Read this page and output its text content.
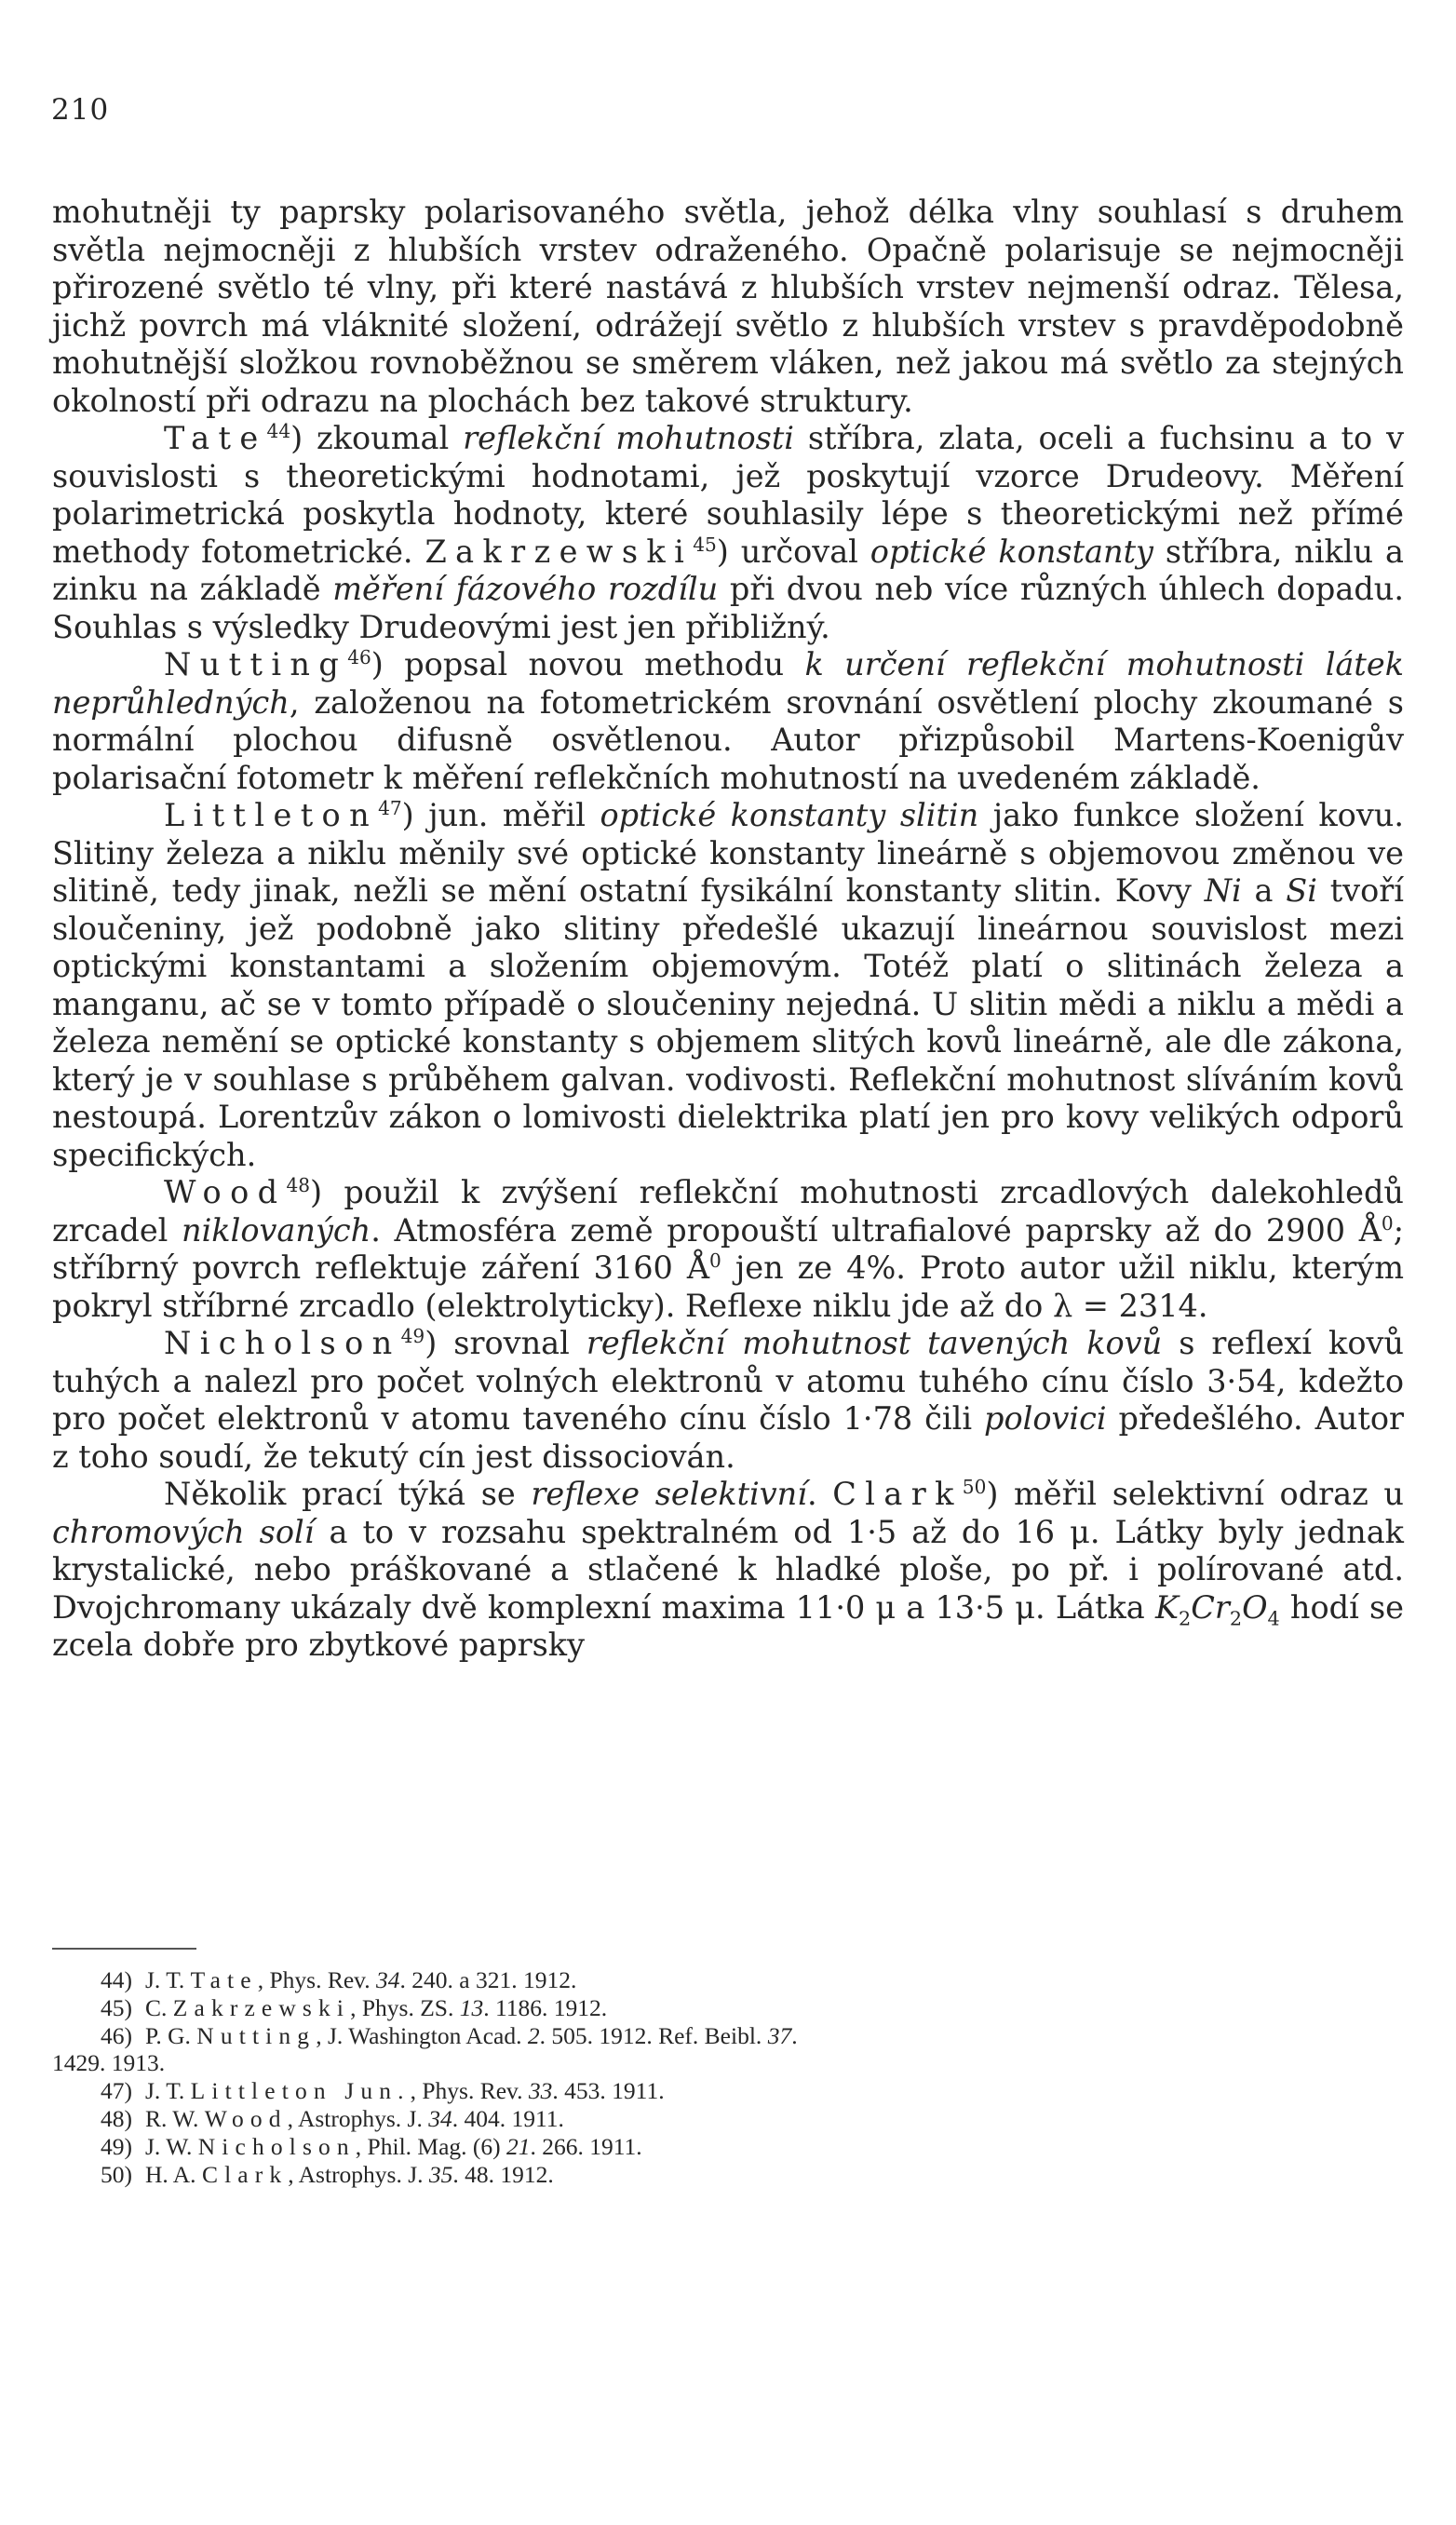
210

mohutněji ty paprsky polarisovaného světla, jehož délka vlny souhlasí s druhem světla nejmocněji z hlubších vrstev odraženého. Opačně polarisuje se nejmocněji přirozené světlo té vlny, při které nastává z hlubších vrstev nejmenší odraz. Tělesa, jichž povrch má vláknité složení, odrážejí světlo z hlubších vrstev s pravděpodobně mohutnější složkou rovnoběžnou se směrem vláken, než jakou má světlo za stejných okolností při odrazu na plochách bez takové struktury.

Tate$^{44}$) zkoumal reflekční mohutnosti stříbra, zlata, oceli a fuchsinu a to v souvislosti s theoretickými hodnotami, jež poskytují vzorce Drudeovy. Měření polarimetrická poskytla hodnoty, které souhlasily lépe s theoretickými než přímé methody fotometrické. Zakrzewski$^{45}$) určoval optické konstanty stříbra, niklu a zinku na základě měření fázového rozdílu při dvou neb více různých úhlech dopadu. Souhlas s výsledky Drudeovými jest jen přibližný.

Nutting$^{46}$) popsal novou methodu k určení reflekční mohutnosti látek neprůhledných, založenou na fotometrickém srovnání osvětlení plochy zkoumané s normální plochou difusně osvětlenou. Autor přizpůsobil Martens-Koenigův polarisační fotometr k měření reflekčních mohutností na uvedeném základě.

Littleton$^{47}$) jun. měřil optické konstanty slitin jako funkce složení kovu. Slitiny železa a niklu měnily své optické konstanty lineárně s objemovou změnou ve slitině, tedy jinak, nežli se mění ostatní fysikální konstanty slitin. Kovy Ni a Si tvoří sloučeniny, jež podobně jako slitiny předešlé ukazují lineárnou souvislost mezi optickými konstantami a složením objemovým. Totéž platí o slitinách železa a manganu, ač se v tomto případě o sloučeniny nejedná. U slitin mědi a niklu a mědi a železa nemění se optické konstanty s objemem slitých kovů lineárně, ale dle zákona, který je v souhlase s průběhem galvan. vodivosti. Reflekční mohutnost slíváním kovů nestoupá. Lorentzův zákon o lomivosti dielektrika platí jen pro kovy velikých odporů specifických.

Wood$^{48}$) použil k zvýšení reflekční mohutnosti zrcadlových dalekohledů zrcadel niklovaných. Atmosféra země propouští ultrafialové paprsky až do 2900 Å$^0$; stříbrný povrch reflektuje záření 3160 Å$^0$ jen ze 4%. Proto autor užil niklu, kterým pokryl stříbrné zrcadlo (elektrolyticky). Reflexe niklu jde až do λ = 2314.

Nicholson$^{49}$) srovnal reflekční mohutnost tavených kovů s reflexí kovů tuhých a nalezl pro počet volných elektronů v atomu tuhého cínu číslo 3·54, kdežto pro počet elektronů v atomu taveného cínu číslo 1·78 čili polovici předešlého. Autor z toho soudí, že tekutý cín jest dissociován.

Několik prací týká se reflexe selektivní. Clark$^{50}$) měřil selektivní odraz u chromových solí a to v rozsahu spektralném od 1·5 až do 16 μ. Látky byly jednak krystalické, nebo práškované a stlačené k hladké ploše, po př. i polírované atd. Dvojchromany ukázaly dvě komplexní maxima 11·0 μ a 13·5 μ. Látka $K_2Cr_2O_4$ hodí se zcela dobře pro zbytkové paprsky

44) J. T. Tate, Phys. Rev. 34. 240. a 321. 1912.

45) C. Zakrzewski, Phys. ZS. 13. 1186. 1912.

46) P. G. Nutting, J. Washington Acad. 2. 505. 1912. Ref. Beibl. 37.

1429. 1913.

47) J. T. Littleton Jun., Phys. Rev. 33. 453. 1911.

48) R. W. Wood, Astrophys. J. 34. 404. 1911.

49) J. W. Nicholson, Phil. Mag. (6) 21. 266. 1911.

50) H. A. Clark, Astrophys. J. 35. 48. 1912.
